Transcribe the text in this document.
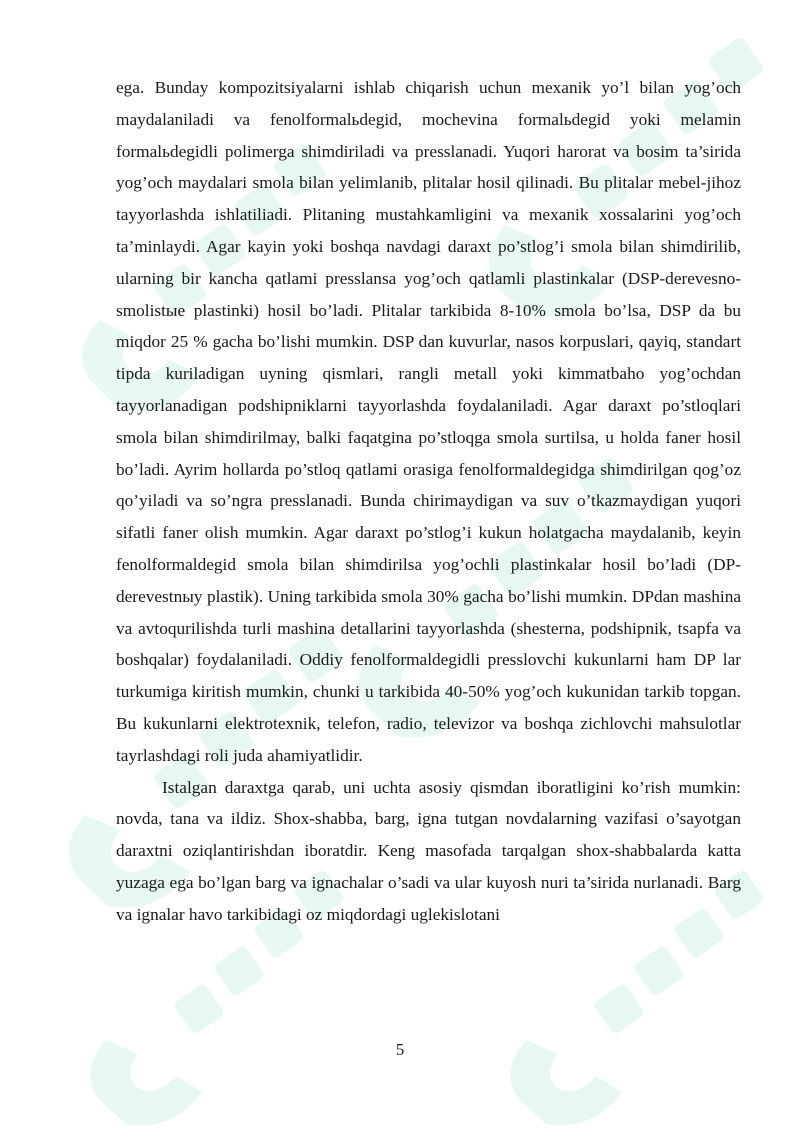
ega. Bunday kompozitsiyalarni ishlab chiqarish uchun mexanik yo’l bilan yog’och maydalaniladi va fenolformalьdegid, mochevina formalьdegid yoki melamin formalьdegidli polimerga shimdiriladi va presslanadi. Yuqori harorat va bosim ta’sirida yog’och maydalari smola bilan yelimlanib, plitalar hosil qilinadi. Bu plitalar mebel-jihoz tayyorlashda ishlatiliadi. Plitaning mustahkamligini va mexanik xossalarini yog’och ta’minlaydi. Agar kayin yoki boshqa navdagi daraxt po’stlog’i smola bilan shimdirilib, ularning bir kancha qatlami presslansa yog’och qatlamli plastinkalar (DSP-derevesno-smolistыe plastinki) hosil bo’ladi. Plitalar tarkibida 8-10% smola bo’lsa, DSP da bu miqdor 25 % gacha bo’lishi mumkin. DSP dan kuvurlar, nasos korpuslari, qayiq, standart tipda kuriladigan uyning qismlari, rangli metall yoki kimmatbaho yog’ochdan tayyorlanadigan podshipniklarni tayyorlashda foydalaniladi. Agar daraxt po’stloqlari smola bilan shimdirilmay, balki faqatgina po’stloqga smola surtilsa, u holda faner hosil bo’ladi. Ayrim hollarda po’stloq qatlami orasiga fenolformaldegidga shimdirilgan qog’oz qo’yiladi va so’ngra presslanadi. Bunda chirimaydigan va suv o’tkazmaydigan yuqori sifatli faner olish mumkin. Agar daraxt po’stlog’i kukun holatgacha maydalanib, keyin fenolformaldegid smola bilan shimdirilsa yog’ochli plastinkalar hosil bo’ladi (DP-derevestnыy plastik). Uning tarkibida smola 30% gacha bo’lishi mumkin. DPdan mashina va avtoqurilishda turli mashina detallarini tayyorlashda (shesterna, podshipnik, tsapfa va boshqalar) foydalaniladi. Oddiy fenolformaldegidli presslovchi kukunlarni ham DP lar turkumiga kiritish mumkin, chunki u tarkibida 40-50% yog’och kukunidan tarkib topgan. Bu kukunlarni elektrotexnik, telefon, radio, televizor va boshqa zichlovchi mahsulotlar tayrlashdagi roli juda ahamiyatlidir.

Istalgan daraxtga qarab, uni uchta asosiy qismdan iboratligini ko’rish mumkin: novda, tana va ildiz. Shox-shabba, barg, igna tutgan novdalarning vazifasi o’sayotgan daraxtni oziqlantirishdan iboratdir. Keng masofada tarqalgan shox-shabbalarda katta yuzaga ega bo’lgan barg va ignachalar o’sadi va ular kuyosh nuri ta’sirida nurlanadi. Barg va ignalar havo tarkibidagi oz miqdordagi uglekislotani

5
